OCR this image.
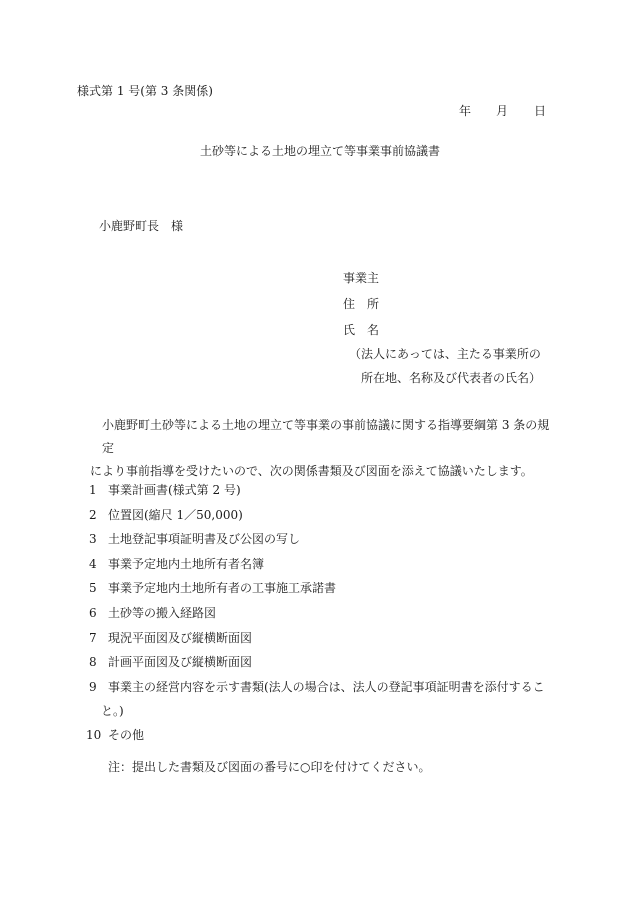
様式第 1 号(第 3 条関係)
年 月 日
土砂等による土地の埋立て等事業事前協議書
小鹿野町長　様
事業主
住　所
氏　名
（法人にあっては、主たる事業所の
所在地、名称及び代表者の氏名）
小鹿野町土砂等による土地の埋立て等事業の事前協議に関する指導要綱第 3 条の規定
により事前指導を受けたいので、次の関係書類及び図面を添えて協議いたします。
1 事業計画書(様式第 2 号)
2 位置図(縮尺 1／50,000)
3 土地登記事項証明書及び公図の写し
4 事業予定地内土地所有者名簿
5 事業予定地内土地所有者の工事施工承諾書
6 土砂等の搬入経路図
7 現況平面図及び縦横断面図
8 計画平面図及び縦横断面図
9 事業主の経営内容を示す書類(法人の場合は、法人の登記事項証明書を添付するこ
と。)
10 その他
注：提出した書類及び図面の番号に○印を付けてください。
